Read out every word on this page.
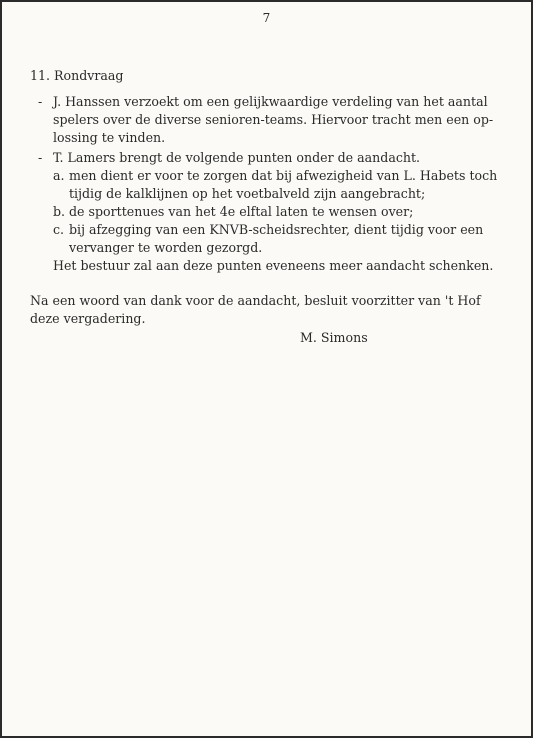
7
11. Rondvraag
- J. Hanssen verzoekt om een gelijkwaardige verdeling van het aantal
spelers over de diverse senioren-teams. Hiervoor tracht men een op-
lossing te vinden.
- T. Lamers brengt de volgende punten onder de aandacht.
a. men dient er voor te zorgen dat bij afwezigheid van L. Habets toch
tijdig de kalklijnen op het voetbalveld zijn aangebracht;
b. de sporttenues van het 4e elftal laten te wensen over;
c. bij afzegging van een KNVB-scheidsrechter, dient tijdig voor een
vervanger te worden gezorgd.
Het bestuur zal aan deze punten eveneens meer aandacht schenken.
Na een woord van dank voor de aandacht, besluit voorzitter van 't Hof
deze vergadering.
M. Simons
